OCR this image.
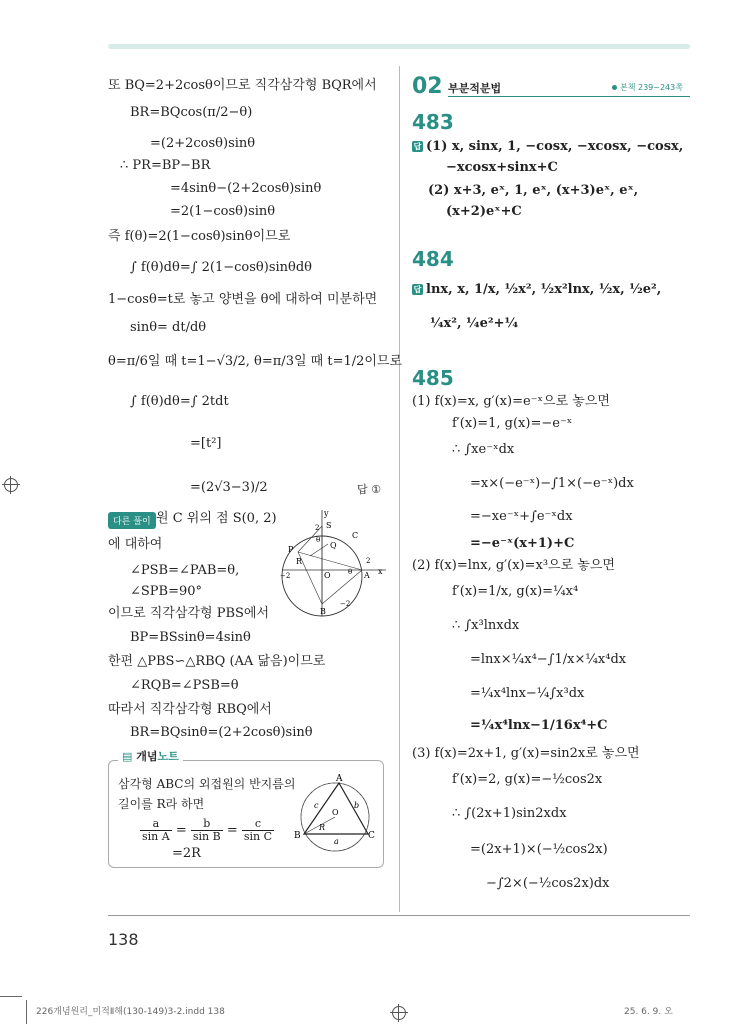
또 BQ=2+2cosθ이므로 직각삼각형 BQR에서
BR=BQcos(π/2−θ)
=(2+2cosθ)sinθ
∴ PR=BP−BR
=4sinθ−(2+2cosθ)sinθ
=2(1−cosθ)sinθ
즉 f(θ)=2(1−cosθ)sinθ이므로
∫ f(θ)dθ=∫ 2(1−cosθ)sinθdθ
1−cosθ=t로 놓고 양변을 θ에 대하여 미분하면
sinθ= dt/dθ
θ=π/6일 때 t=1−√3/2, θ=π/3일 때 t=1/2이므로
∫ f(θ)dθ=∫ 2tdt
=[t²]
=(2√3−3)/2	답 ①
다른 풀이 원 C 위의 점 S(0, 2)
에 대하여
∠PSB=∠PAB=θ,
∠SPB=90°
이므로 직각삼각형 PBS에서
BP=BSsinθ=4sinθ
한편 △PBS∽△RBQ (AA 닮음)이므로
∠RQB=∠PSB=θ
따라서 직각삼각형 RBQ에서
BR=BQsinθ=(2+2cosθ)sinθ
y
S
2
C
P
θ
Q
R	2
−2	O θ A x
B
−2
▤ 개념노트
삼각형 ABC의 외접원의 반지름의
길이를 R라 하면
$\frac{a}{\text{sin A}} = \frac{b}{\text{sin B}} = \frac{c}{\text{sin C}}$
=2R
A
c	b
O
R
B
a
C
02 부분적분법	본책 239~243쪽
483
답 (1) x, sinx, 1, −cosx, −xcosx, −cosx,
−xcosx+sinx+C
(2) x+3, eˣ, 1, eˣ, (x+3)eˣ, eˣ,
(x+2)eˣ+C
484
답 lnx, x, 1/x, ½x², ½x²lnx, ½x, ½e²,
¼x², ¼e²+¼
485
(1) f(x)=x, g′(x)=e⁻ˣ으로 놓으면
f′(x)=1, g(x)=−e⁻ˣ
∴ ∫xe⁻ˣdx
=x×(−e⁻ˣ)−∫1×(−e⁻ˣ)dx
=−xe⁻ˣ+∫e⁻ˣdx
=−e⁻ˣ(x+1)+C
(2) f(x)=lnx, g′(x)=x³으로 놓으면
f′(x)=1/x, g(x)=¼x⁴
∴ ∫x³lnxdx
=lnx×¼x⁴−∫1/x×¼x⁴dx
=¼x⁴lnx−¼∫x³dx
=¼x⁴lnx−1/16x⁴+C
(3) f(x)=2x+1, g′(x)=sin2x로 놓으면
f′(x)=2, g(x)=−½cos2x
∴ ∫(2x+1)sin2xdx
=(2x+1)×(−½cos2x)
−∫2×(−½cos2x)dx
138
226개념원리_미적Ⅱ해(130-149)3-2.indd 138	25. 6. 9. 오
